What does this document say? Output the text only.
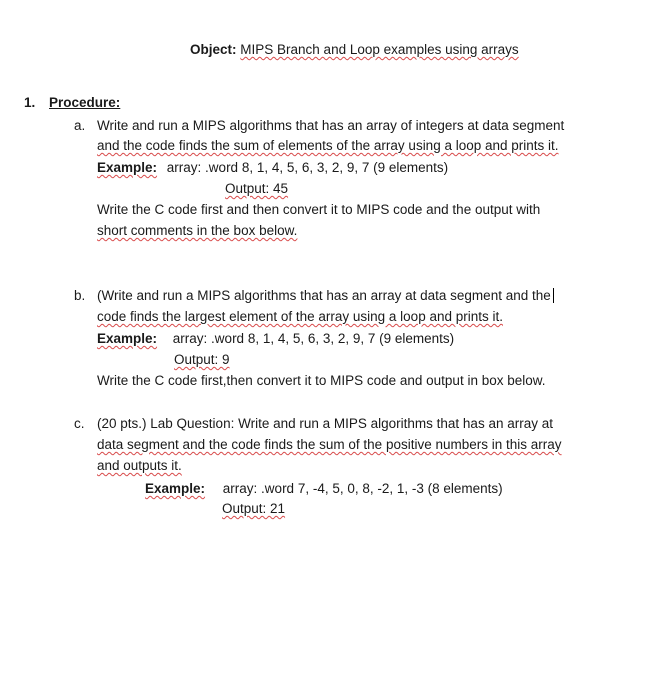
Object: MIPS Branch and Loop examples using arrays
1. Procedure:
a. Write and run a MIPS algorithms that has an array of integers at data segment
and the code finds the sum of elements of the array using a loop and prints it.
Example: array: .word 8, 1, 4, 5, 6, 3, 2, 9, 7 (9 elements)
Output: 45
Write the C code first and then convert it to MIPS code and the output with
short comments in the box below.
b. (Write and run a MIPS algorithms that has an array at data segment and the
code finds the largest element of the array using a loop and prints it.
Example: array: .word 8, 1, 4, 5, 6, 3, 2, 9, 7 (9 elements)
Output: 9
Write the C code first,then convert it to MIPS code and output in box below.
c. (20 pts.) Lab Question: Write and run a MIPS algorithms that has an array at
data segment and the code finds the sum of the positive numbers in this array
and outputs it.
Example: array: .word 7, -4, 5, 0, 8, -2, 1, -3 (8 elements)
Output: 21
